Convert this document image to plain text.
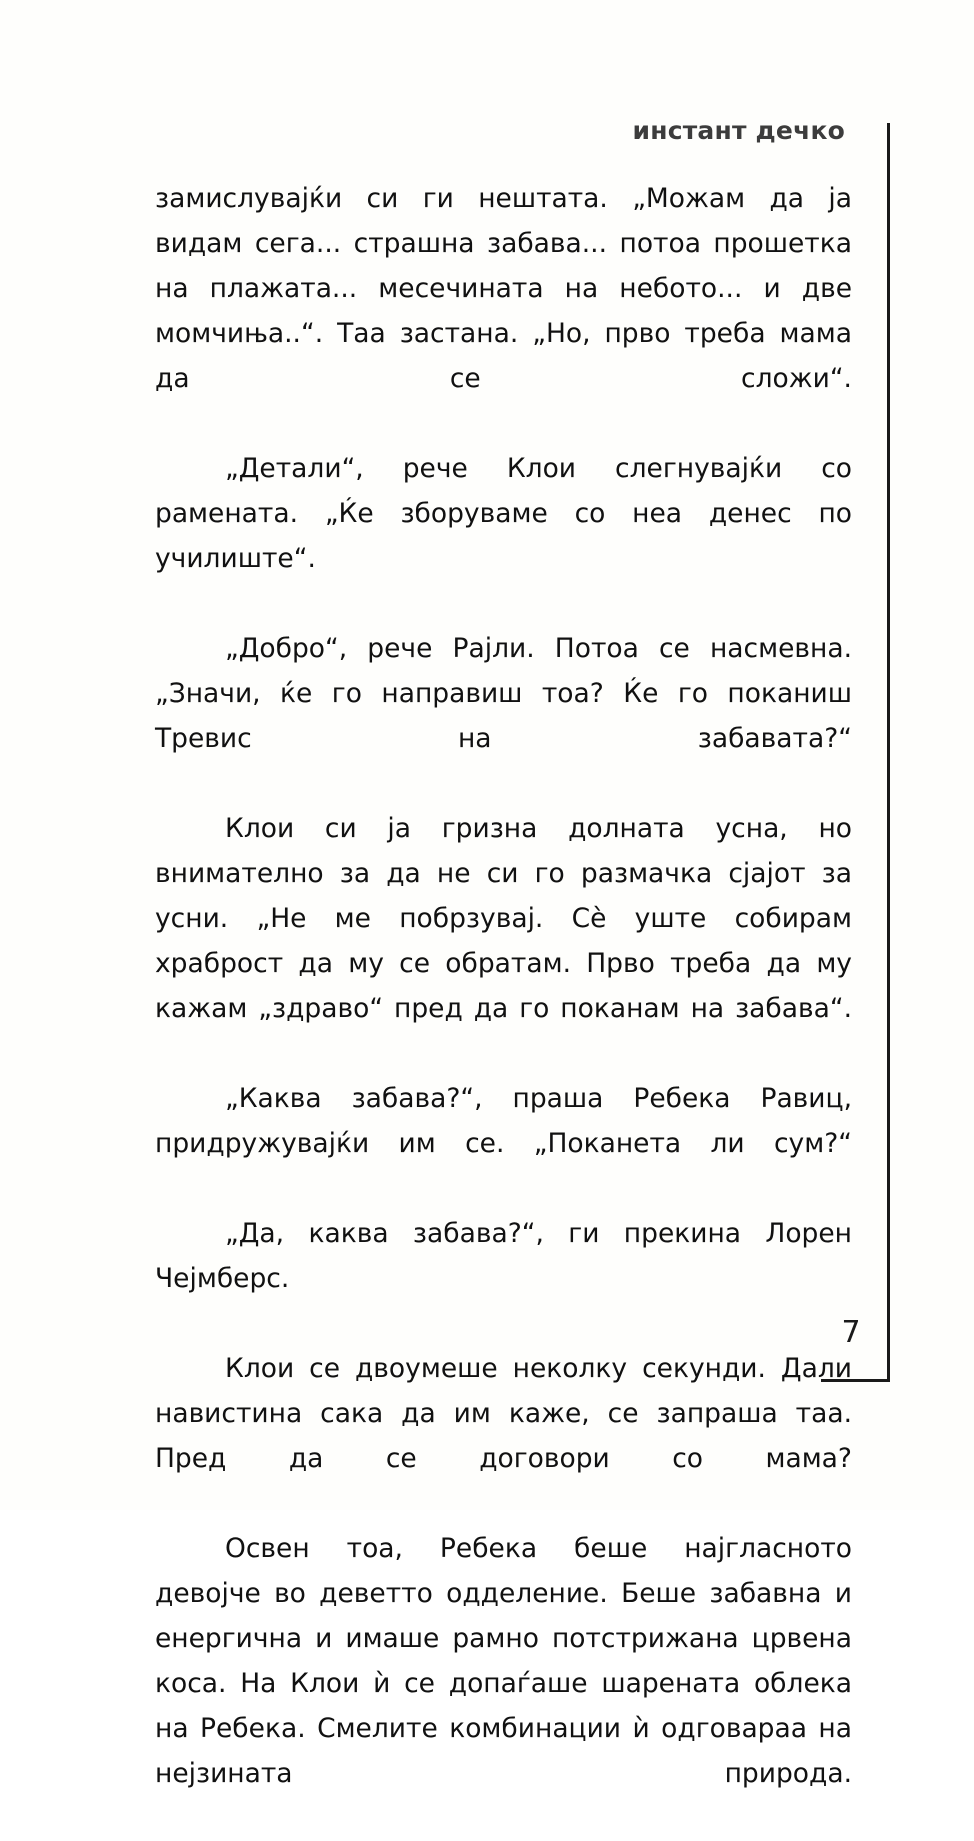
инстант дечко

замислувајќи си ги нештата. „Можам да ја видам сега... страшна забава... потоа прошетка на плажата... месечината на небото... и две момчиња..“. Таа застана. „Но, прво треба мама да се сложи“.

„Детали“, рече Клои слегнувајќи со рамената. „Ќе зборуваме со неа денес по училиште“.

„Добро“, рече Рајли. Потоа се насмевна. „Значи, ќе го направиш тоа? Ќе го поканиш Тревис на забавата?“

Клои си ја гризна долната усна, но внимателно за да не си го размачка сјајот за усни. „Не ме побрзувај. Сè уште собирам храброст да му се обратам. Прво треба да му кажам „здраво“ пред да го поканам на забава“.

„Каква забава?“, праша Ребека Равиц, придружувајќи им се. „Поканета ли сум?“

„Да, каква забава?“, ги прекина Лорен Чејмберс.

Клои се двоумеше неколку секунди. Дали навистина сака да им каже, се запраша таа. Пред да се договори со мама?

Освен тоа, Ребека беше најгласното девојче во деветто одделение. Беше забавна и енергична и имаше рамно потстрижана црвена коса. На Клои ѝ се допаѓаше шарената облека на Ребека. Смелите комбинации ѝ одговараа на нејзината природа.

7
